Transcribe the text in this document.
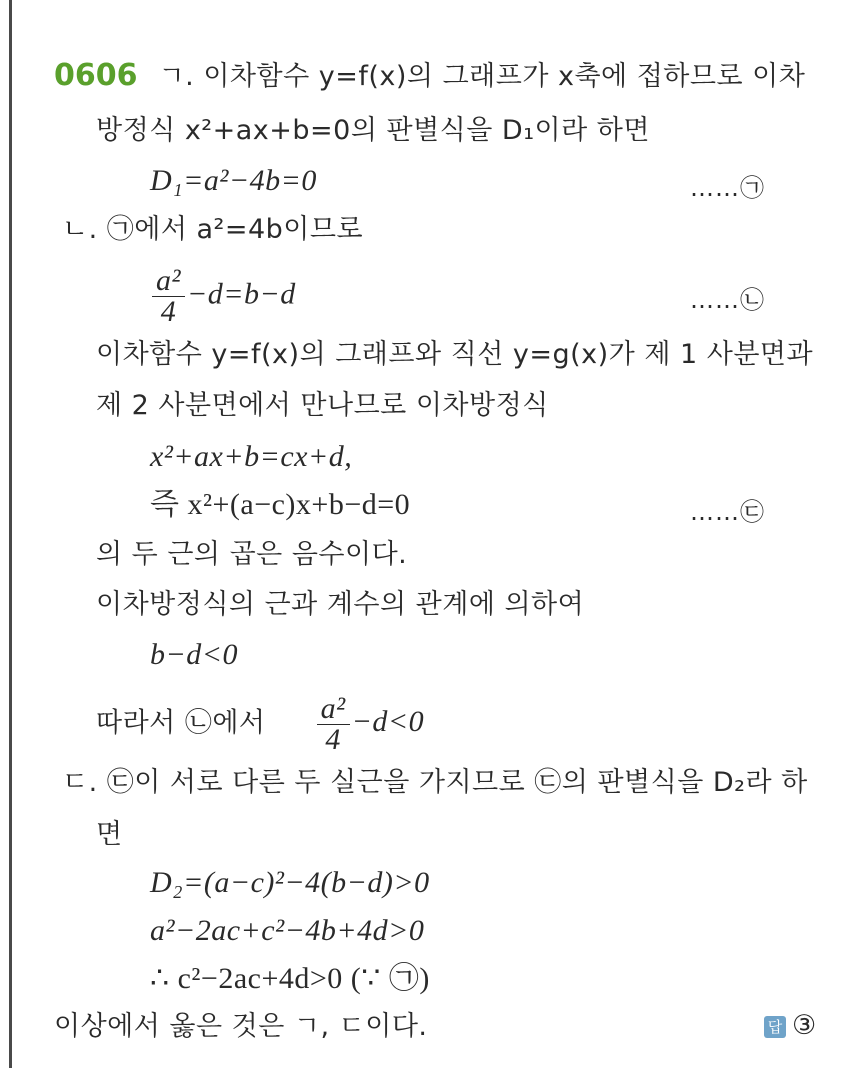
0606 ㄱ. 이차함수 y=f(x)의 그래프가 x축에 접하므로 이차
방정식 x²+ax+b=0의 판별식을 D₁이라 하면
D₁=a²−4b=0	……㉠
ㄴ. ㉠에서 a²=4b이므로
$\frac{\text{a²}}{4} -d=b-d$	……㉡
이차함수 y=f(x)의 그래프와 직선 y=g(x)가 제 1 사분면과
제 2 사분면에서 만나므로 이차방정식
x²+ax+b=cx+d,
즉 x²+(a−c)x+b−d=0	……㉢
의 두 근의 곱은 음수이다.
이차방정식의 근과 계수의 관계에 의하여
b−d<0
따라서 ㉡에서 $\frac{\text{a²}}{4} -d<0$
ㄷ. ㉢이 서로 다른 두 실근을 가지므로 ㉢의 판별식을 D₂라 하
면
D₂=(a−c)²−4(b−d)>0
a²−2ac+c²−4b+4d>0
∴ c²−2ac+4d>0 (∵ ㉠)
이상에서 옳은 것은 ㄱ, ㄷ이다.	답 ③
